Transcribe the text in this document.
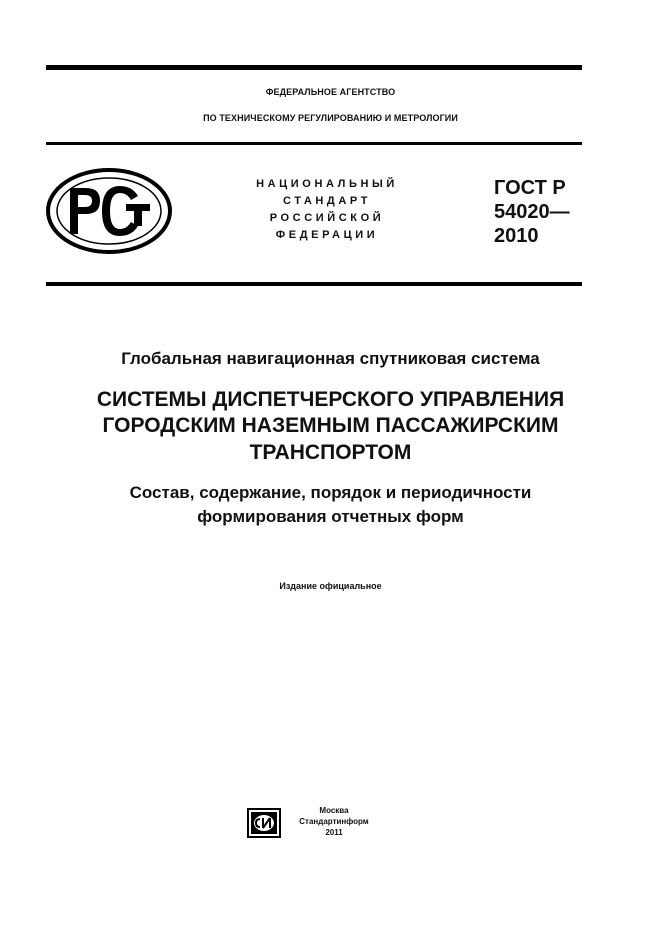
ФЕДЕРАЛЬНОЕ АГЕНТСТВО
ПО ТЕХНИЧЕСКОМУ РЕГУЛИРОВАНИЮ И МЕТРОЛОГИИ
НАЦИОНАЛЬНЫЙ
СТАНДАРТ
РОССИЙСКОЙ
ФЕДЕРАЦИИ
ГОСТ Р
54020—
2010
Глобальная навигационная спутниковая система
СИСТЕМЫ ДИСПЕТЧЕРСКОГО УПРАВЛЕНИЯ
ГОРОДСКИМ НАЗЕМНЫМ ПАССАЖИРСКИМ
ТРАНСПОРТОМ
Состав, содержание, порядок и периодичности
формирования отчетных форм
Издание официальное
Москва
Стандартинформ
2011
